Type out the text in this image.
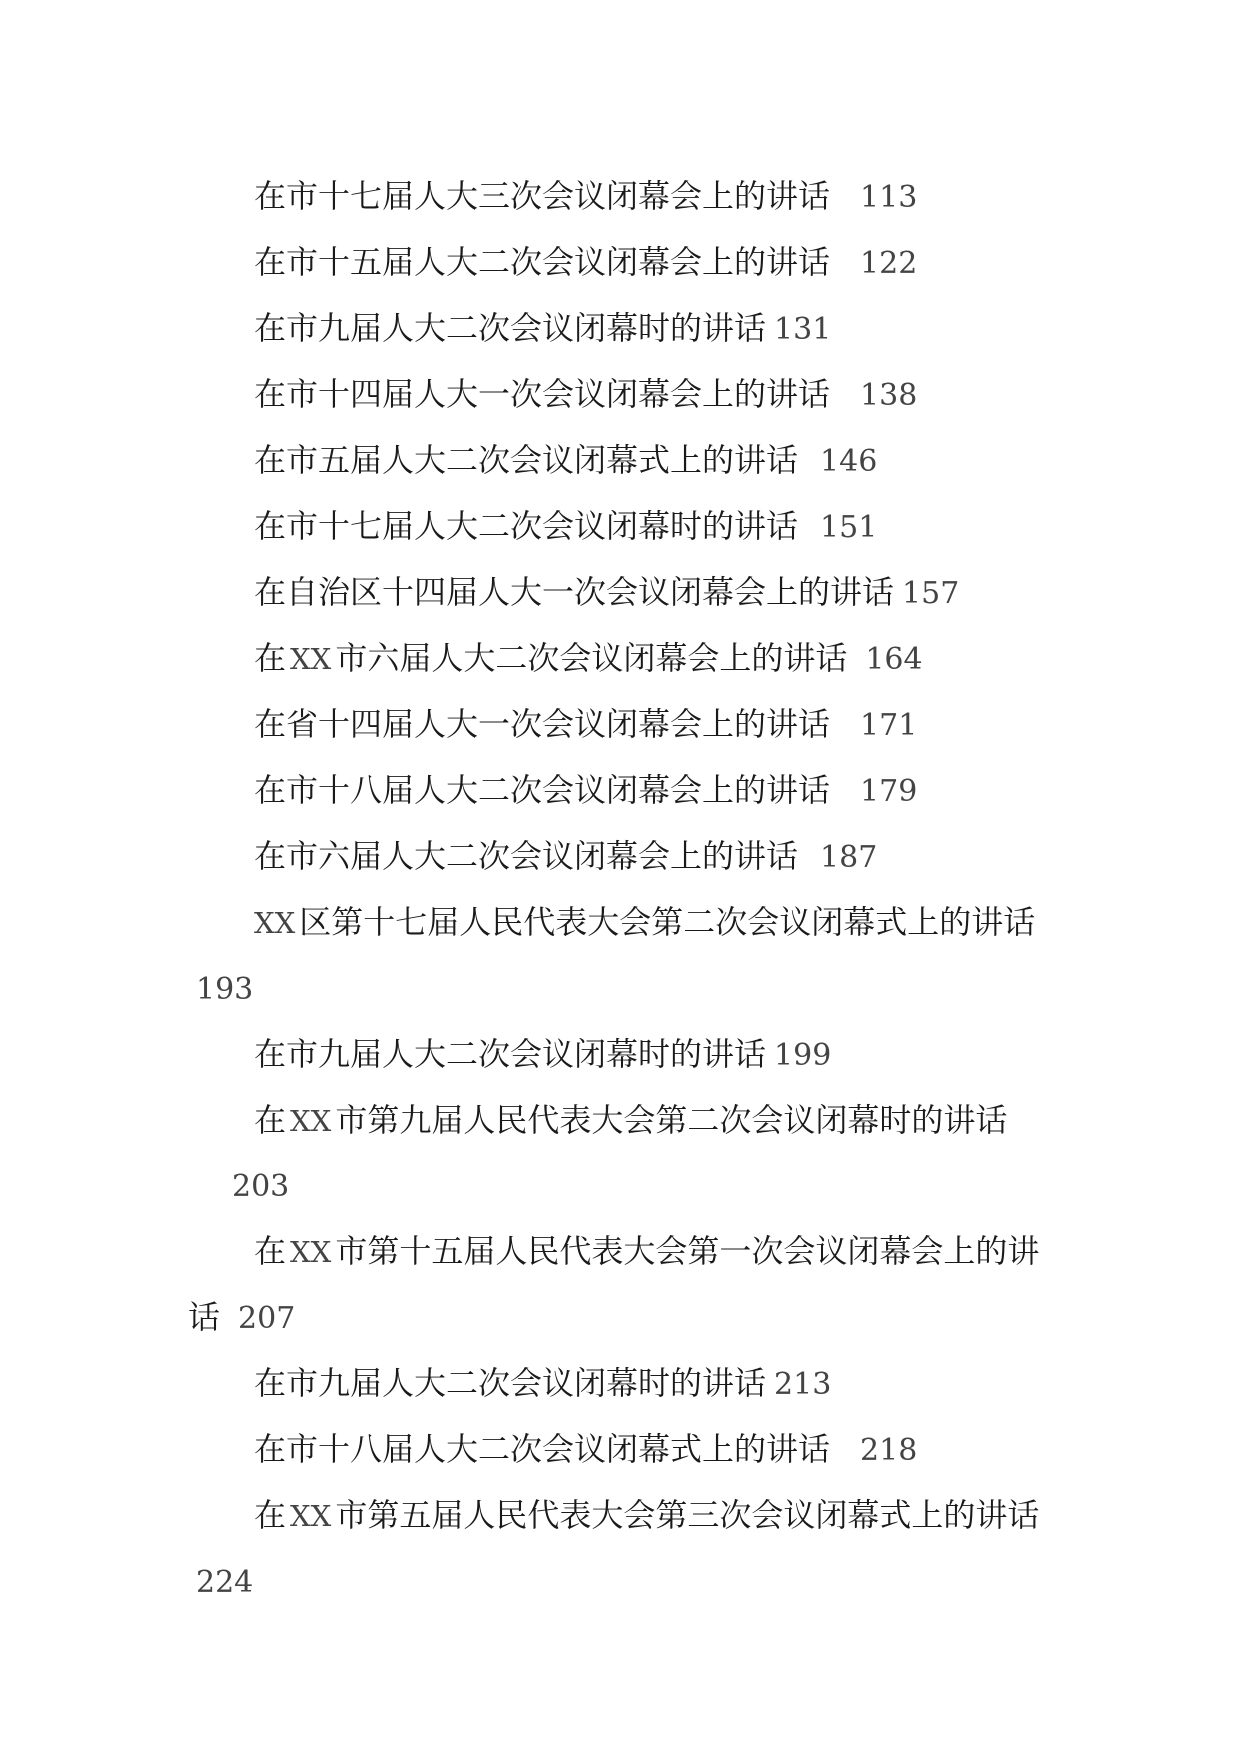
在市十七届人大三次会议闭幕会上的讲话 113

在市十五届人大二次会议闭幕会上的讲话 122

在市九届人大二次会议闭幕时的讲话 131

在市十四届人大一次会议闭幕会上的讲话 138

在市五届人大二次会议闭幕式上的讲话 146

在市十七届人大二次会议闭幕时的讲话 151

在自治区十四届人大一次会议闭幕会上的讲话 157

在 XX 市六届人大二次会议闭幕会上的讲话 164

在省十四届人大一次会议闭幕会上的讲话 171

在市十八届人大二次会议闭幕会上的讲话 179

在市六届人大二次会议闭幕会上的讲话 187

XX 区第十七届人民代表大会第二次会议闭幕式上的讲话193

在市九届人大二次会议闭幕时的讲话 199

在 XX 市第九届人民代表大会第二次会议闭幕时的讲话
203

在 XX 市第十五届人民代表大会第一次会议闭幕会上的讲话 207

在市九届人大二次会议闭幕时的讲话 213

在市十八届人大二次会议闭幕式上的讲话 218

在 XX 市第五届人民代表大会第三次会议闭幕式上的讲话224
